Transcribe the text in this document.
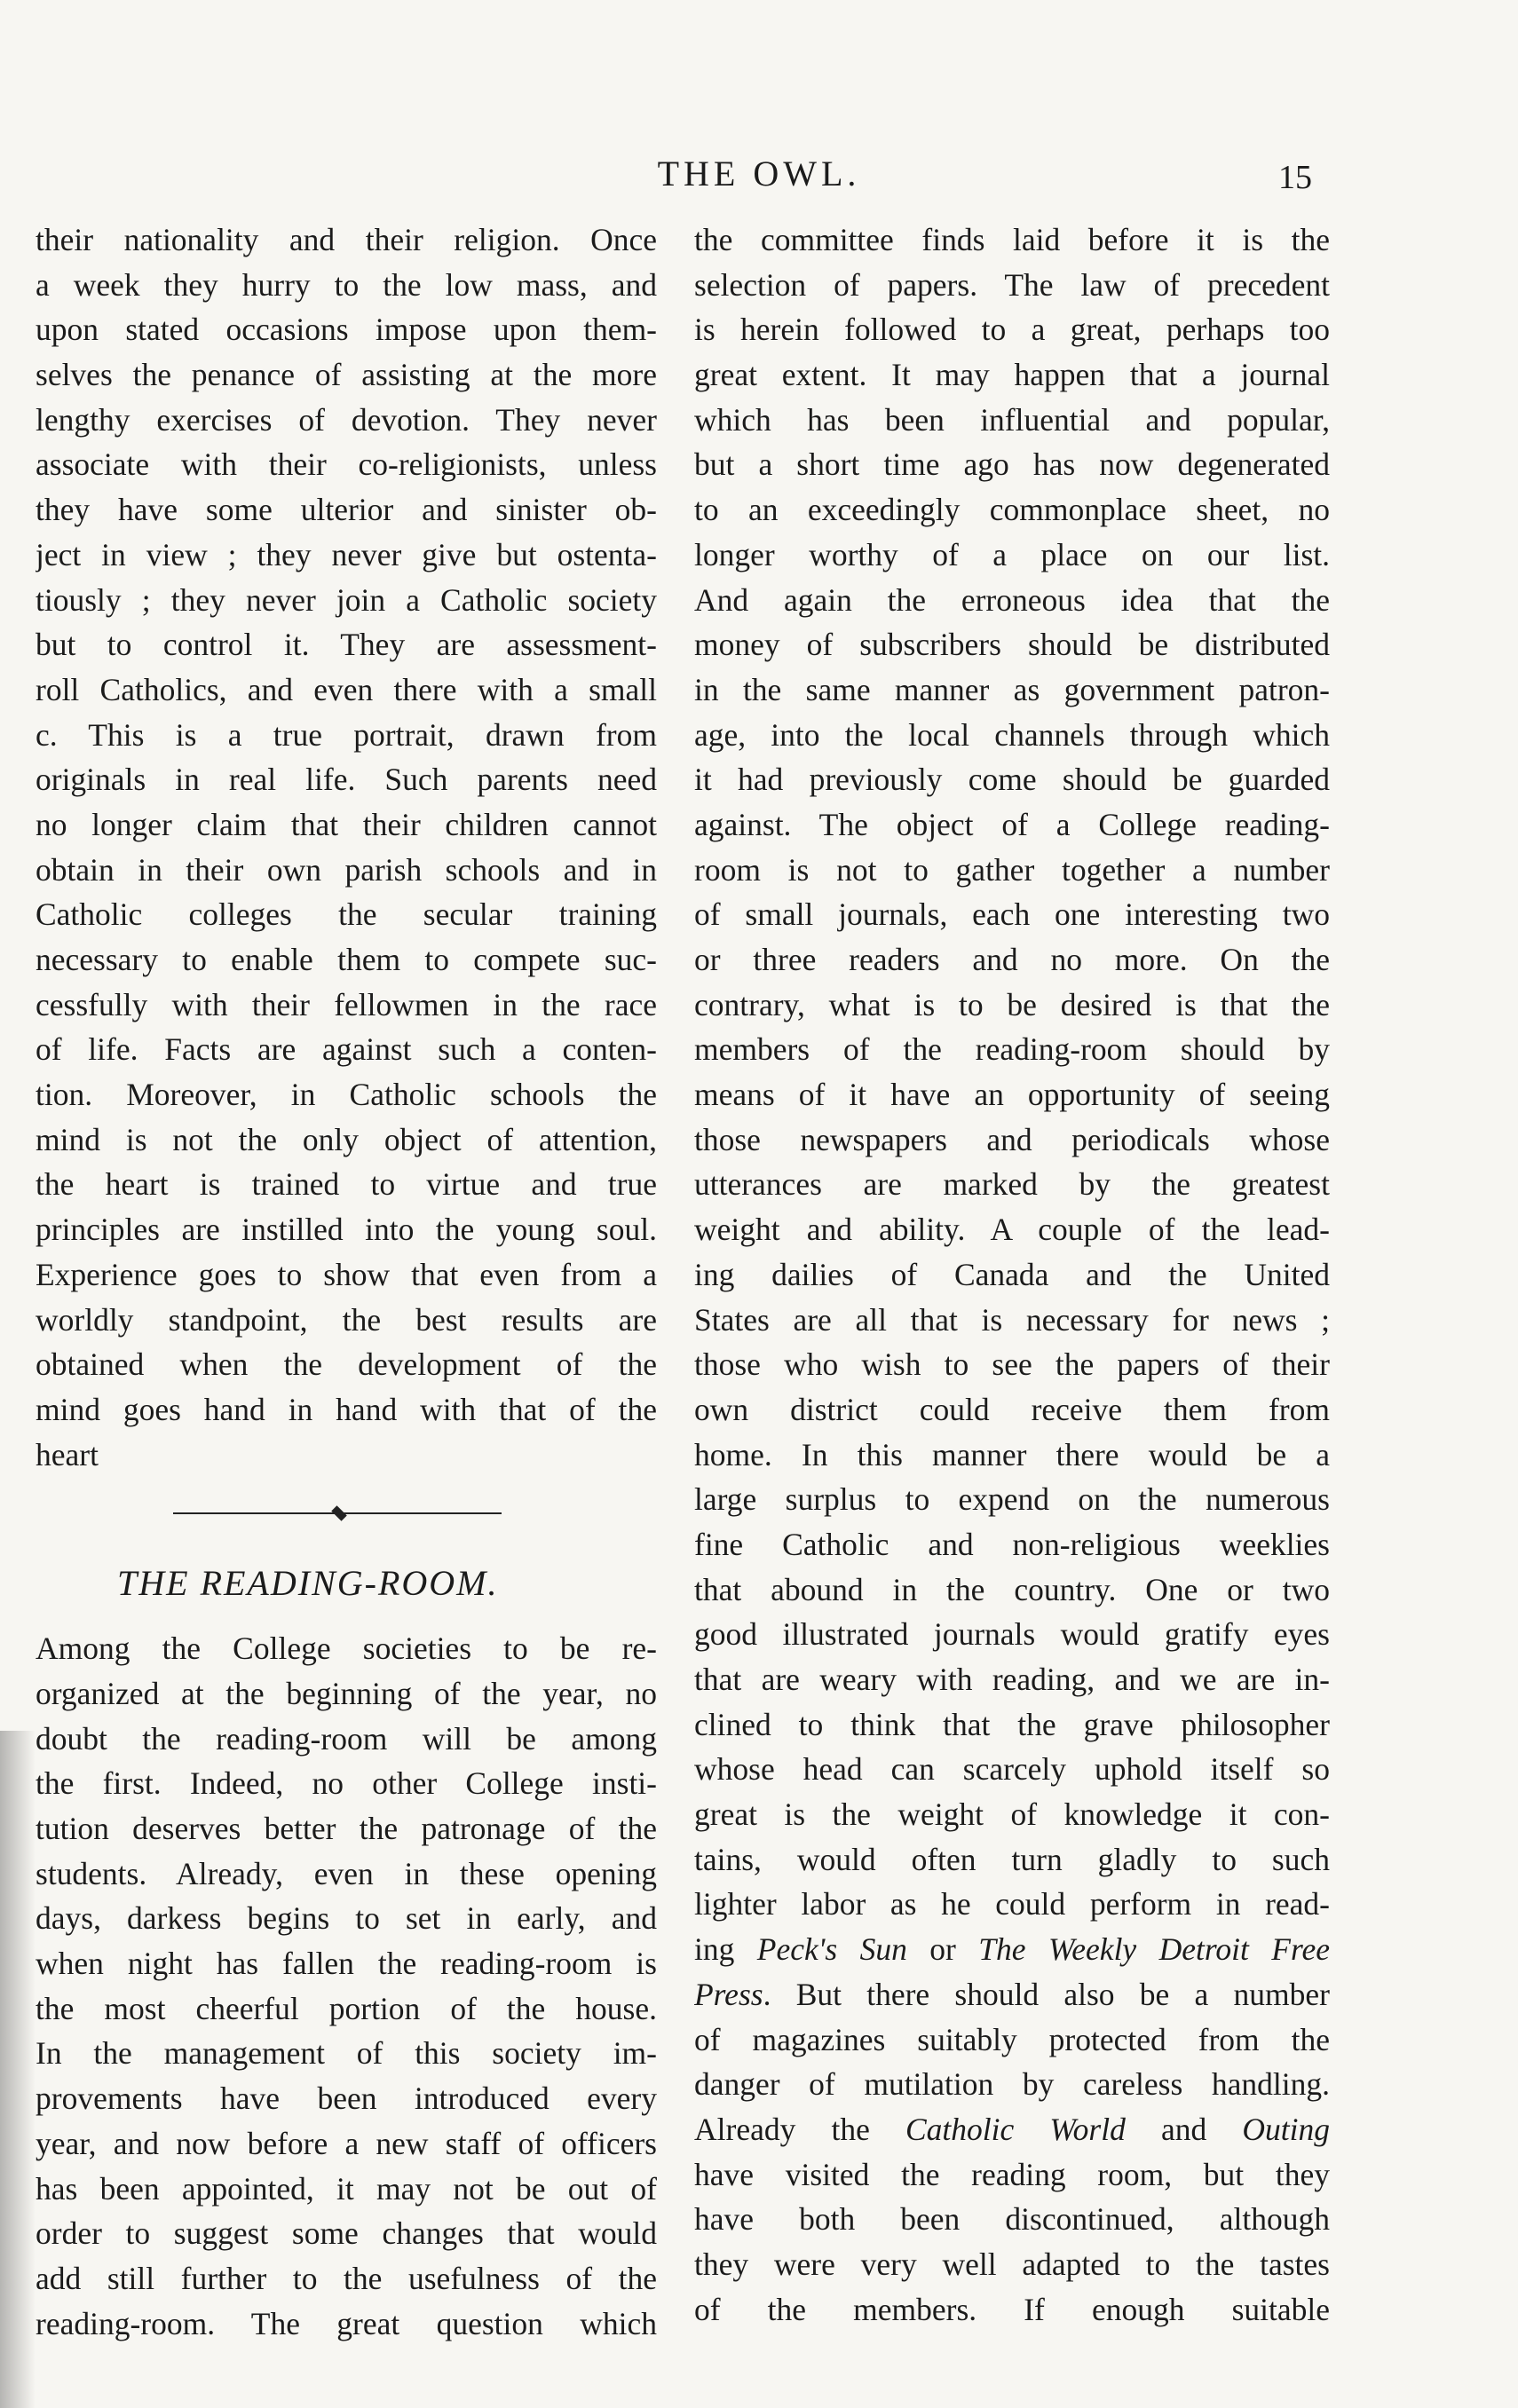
THE OWL.	15
their nationality and their religion. Once
a week they hurry to the low mass, and
upon stated occasions impose upon them-
selves the penance of assisting at the more
lengthy exercises of devotion. They never
associate with their co-religionists, unless
they have some ulterior and sinister ob-
ject in view ; they never give but ostenta-
tiously ; they never join a Catholic society
but to control it. They are assessment-
roll Catholics, and even there with a small
c. This is a true portrait, drawn from
originals in real life. Such parents need
no longer claim that their children cannot
obtain in their own parish schools and in
Catholic colleges the secular training
necessary to enable them to compete suc-
cessfully with their fellowmen in the race
of life. Facts are against such a conten-
tion. Moreover, in Catholic schools the
mind is not the only object of attention,
the heart is trained to virtue and true
principles are instilled into the young soul.
Experience goes to show that even from a
worldly standpoint, the best results are
obtained when the development of the
mind goes hand in hand with that of the
heart
THE READING-ROOM.
Among the College societies to be re-
organized at the beginning of the year, no
doubt the reading-room will be among
the first. Indeed, no other College insti-
tution deserves better the patronage of the
students. Already, even in these opening
days, darkess begins to set in early, and
when night has fallen the reading-room is
the most cheerful portion of the house.
In the management of this society im-
provements have been introduced every
year, and now before a new staff of officers
has been appointed, it may not be out of
order to suggest some changes that would
add still further to the usefulness of the
reading-room. The great question which
the committee finds laid before it is the
selection of papers. The law of precedent
is herein followed to a great, perhaps too
great extent. It may happen that a journal
which has been influential and popular,
but a short time ago has now degenerated
to an exceedingly commonplace sheet, no
longer worthy of a place on our list.
And again the erroneous idea that the
money of subscribers should be distributed
in the same manner as government patron-
age, into the local channels through which
it had previously come should be guarded
against. The object of a College reading-
room is not to gather together a number
of small journals, each one interesting two
or three readers and no more. On the
contrary, what is to be desired is that the
members of the reading-room should by
means of it have an opportunity of seeing
those newspapers and periodicals whose
utterances are marked by the greatest
weight and ability. A couple of the lead-
ing dailies of Canada and the United
States are all that is necessary for news ;
those who wish to see the papers of their
own district could receive them from
home. In this manner there would be a
large surplus to expend on the numerous
fine Catholic and non-religious weeklies
that abound in the country. One or two
good illustrated journals would gratify eyes
that are weary with reading, and we are in-
clined to think that the grave philosopher
whose head can scarcely uphold itself so
great is the weight of knowledge it con-
tains, would often turn gladly to such
lighter labor as he could perform in read-
ing Peck's Sun or The Weekly Detroit Free
Press. But there should also be a number
of magazines suitably protected from the
danger of mutilation by careless handling.
Already the Catholic World and Outing
have visited the reading room, but they
have both been discontinued, although
they were very well adapted to the tastes
of the members. If enough suitable
